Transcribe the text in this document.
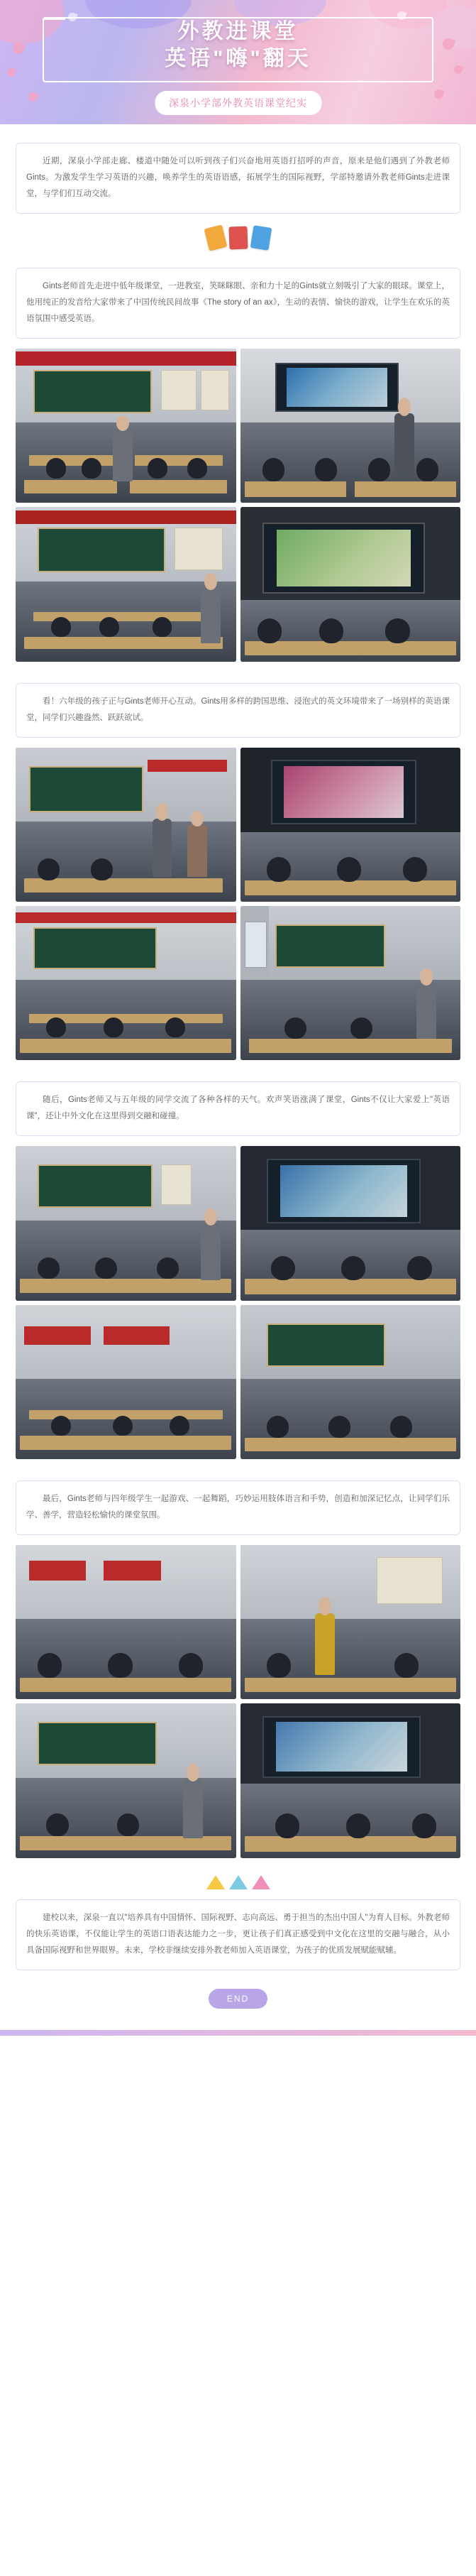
外教进课堂
英语"嗨"翻天
深泉小学部外教英语课堂纪实

近期，深泉小学部走廊、楼道中随处可以听到孩子们兴奋地用英语打招呼的声音，原来是他们遇到了外教老师Gints。为激发学生学习英语的兴趣，唤养学生的英语语感，拓展学生的国际视野，学部特邀请外教老师Gints走进课堂，与学们们互动交流。

Gints老师首先走进中低年级课堂，一进教室，笑眯眯眼、亲和力十足的Gints就立刻吸引了大家的眼球。课堂上，他用纯正的发音给大家带来了中国传统民间故事《The story of an ax》，生动的表情、愉快的游戏，让学生在欢乐的英语氛围中感受英语。

看！六年级的孩子正与Gints老师开心互动。Gints用多样的跨国思维、浸泡式的英文环境带来了一场别样的英语课堂，同学们兴趣盎然、跃跃欲试。

随后，Gints老师又与五年级的同学交流了各种各样的天气。欢声笑语涨满了课堂，Gints不仅让大家爱上"英语课"，还让中外文化在这里得到交融和碰撞。

最后，Gints老师与四年级学生一起游戏、一起舞蹈，巧妙运用肢体语言和手势，创造和加深记忆点，让同学们乐学、善学，营造轻松愉快的课堂氛围。

建校以来，深泉一直以"培养具有中国情怀、国际视野、志向高远、勇于担当的杰出中国人"为育人目标。外教老师的快乐英语课，不仅能让学生的英语口语表达能力之一步，更让孩子们真正感受到中文化在这里的交融与融合，从小具备国际视野和世界眼界。未来，学校非继续安排外教老师加入英语课堂，为孩子的优质发展赋能赋辅。

END
